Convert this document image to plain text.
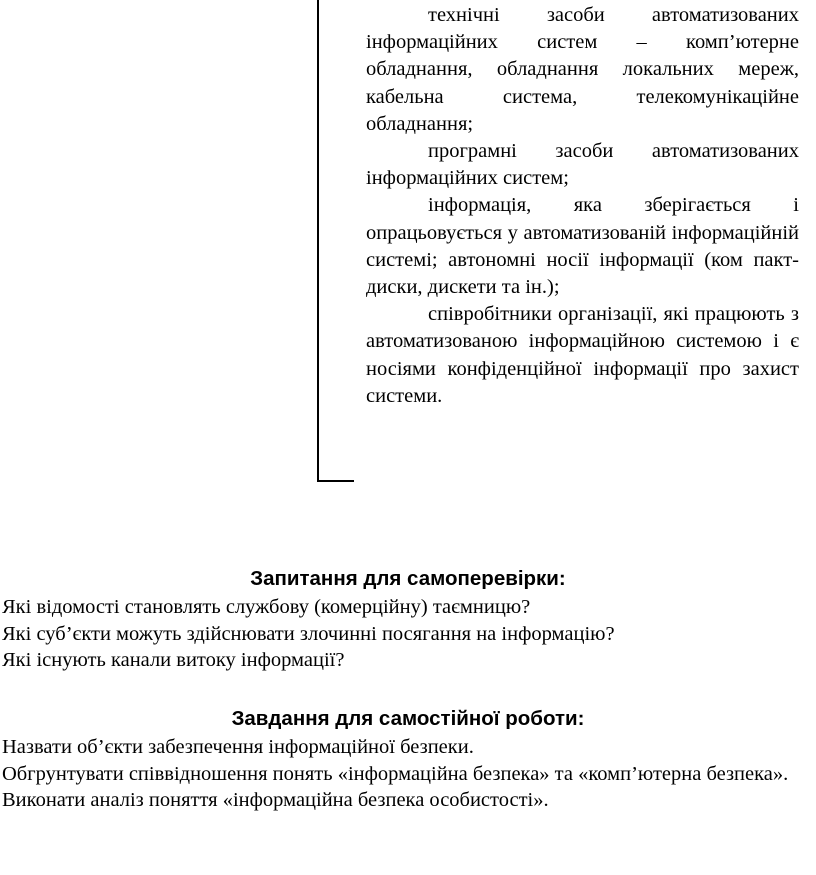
технічні засоби автоматизованих інформаційних систем – комп’ютерне обладнання, обладнання локальних мереж, кабельна система, телекомунікаційне обладнання;

програмні засоби автоматизованих інформаційних систем;

інформація, яка зберігається і опрацьовується у автоматизованій інформаційній системі; автономні носії інформації (ком пакт-диски, дискети та ін.);

співробітники організації, які працюють з автоматизованою інформаційною системою і є носіями конфіденційної інформації про захист системи.

Запитання для самоперевірки:

Які відомості становлять службову (комерційну) таємницю?

Які суб’єкти можуть здійснювати злочинні посягання на інформацію?

Які існують канали витоку інформації?

Завдання для самостійної роботи:

Назвати об’єкти забезпечення інформаційної безпеки.

Обгрунтувати співвідношення понять «інформаційна безпека» та «комп’ютерна безпека».

Виконати аналіз поняття «інформаційна безпека особистості».
